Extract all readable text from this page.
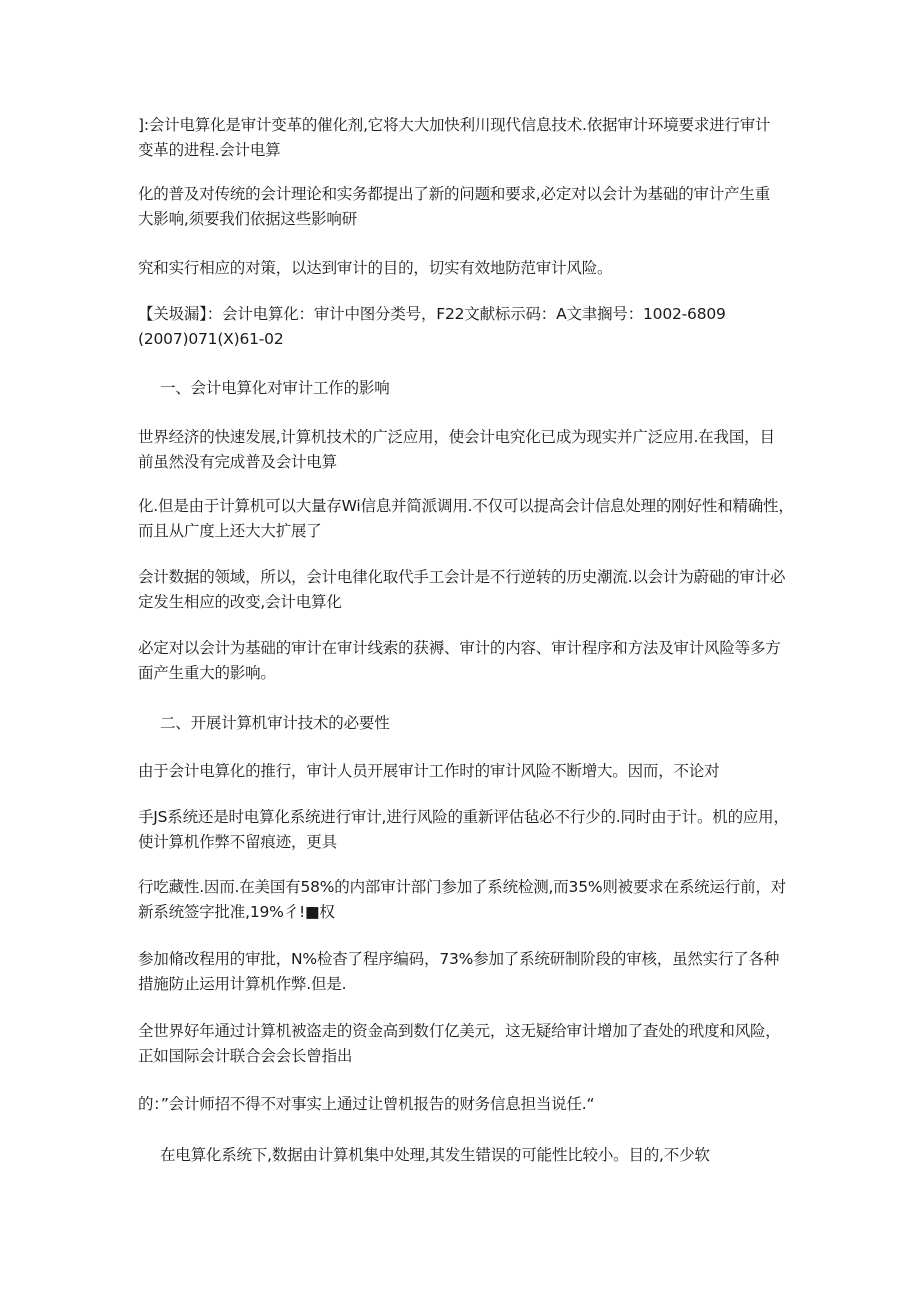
]:会计电算化是审计变革的催化剂,它将大大加快利川现代信息技术.依据审计环境要求进行审计
变革的进程.会计电算
化的普及对传统的会计理论和实务都提出了新的问题和要求,必定对以会计为基础的审计产生重
大影响,须要我们依据这些影响研
究和实行相应的对策，以达到审计的目的，切实有效地防范审计风险。
【关圾漏】：会计电算化：审计中图分类号，F22文献标示码：A文聿搁号：1002-6809
(2007)071(X)61-02
一、会计电算化对审计工作的影响
世界经济的快速发展,计算机技术的广泛应用，使会计电究化已成为现实并广泛应用.在我国，目
前虽然没有完成普及会计电算
化.但是由于计算机可以大量存Wi信息并简派调用.不仅可以提高会计信息处理的刚好性和精确性，
而且从广度上还大大扩展了
会计数据的领域，所以，会计电律化取代手工会计是不行逆转的历史潮流.以会计为蔚础的审计必
定发生相应的改变,会计电算化
必定对以会计为基础的审计在审计线索的获褥、审计的内容、审计程序和方法及审计风险等多方
面产生重大的影响。
二、开展计算机审计技术的必要性
由于会计电算化的推行，审计人员开展审计工作时的审计风险不断增大。因而，不论对
手JS系统还是时电算化系统进行审计,进行风险的重新评估毡必不行少的.同时由于计。机的应用，
使计算机作弊不留痕迹，更具
行吃藏性.因而.在美国有58%的内部审计部门参加了系统检测,而35%则被要求在系统运行前，对
新系统签字批准,19%彳!■权
参加脩改程用的审批，N%检杳了程序编码，73%参加了系统研制阶段的审核，虽然实行了各种
措施防止运用计算机作弊.但是.
全世界好年通过计算机被盗走的资金高到数仃亿美元，这无疑给审计增加了査处的玳度和风险，
正如国际会计联合会会长曾指出
的：”会计师招不得不对事实上通过让曾机报告的财务信息担当说任.“
在电算化系统下,数据由计算机集中处理,其发生错误的可能性比较小。目的,不少软
